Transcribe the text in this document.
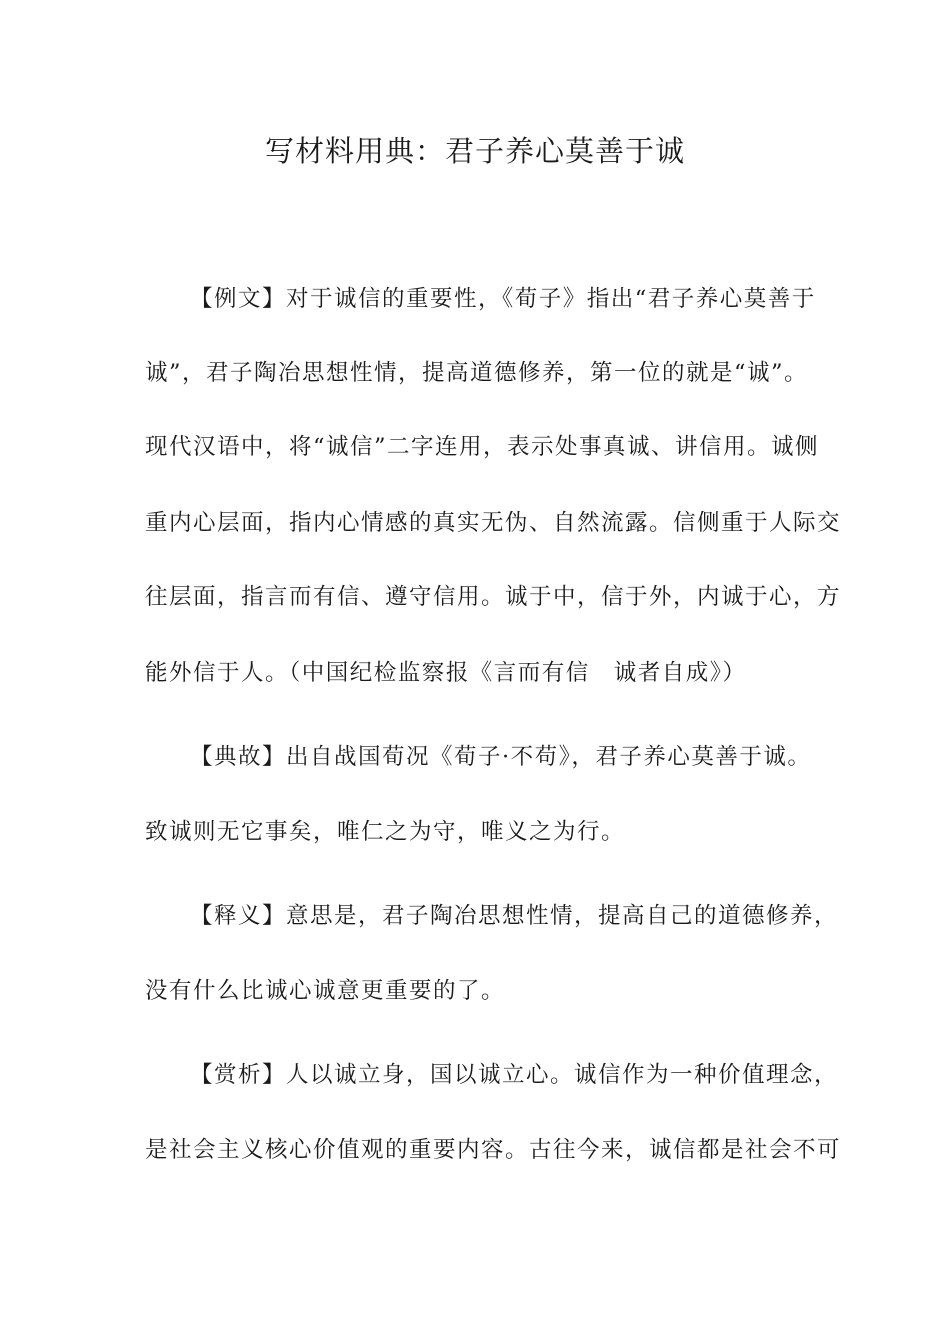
写材料用典：君子养心莫善于诚
【例文】对于诚信的重要性，《荀子》指出“君子养心莫善于
诚”，君子陶冶思想性情，提高道德修养，第一位的就是“诚”。
现代汉语中，将“诚信”二字连用，表示处事真诚、讲信用。诚侧
重内心层面，指内心情感的真实无伪、自然流露。信侧重于人际交
往层面，指言而有信、遵守信用。诚于中，信于外，内诚于心，方
能外信于人。（中国纪检监察报《言而有信　诚者自成》）
【典故】出自战国荀况《荀子·不苟》，君子养心莫善于诚。
致诚则无它事矣，唯仁之为守，唯义之为行。
【释义】意思是，君子陶冶思想性情，提高自己的道德修养，
没有什么比诚心诚意更重要的了。
【赏析】人以诚立身，国以诚立心。诚信作为一种价值理念，
是社会主义核心价值观的重要内容。古往今来，诚信都是社会不可
